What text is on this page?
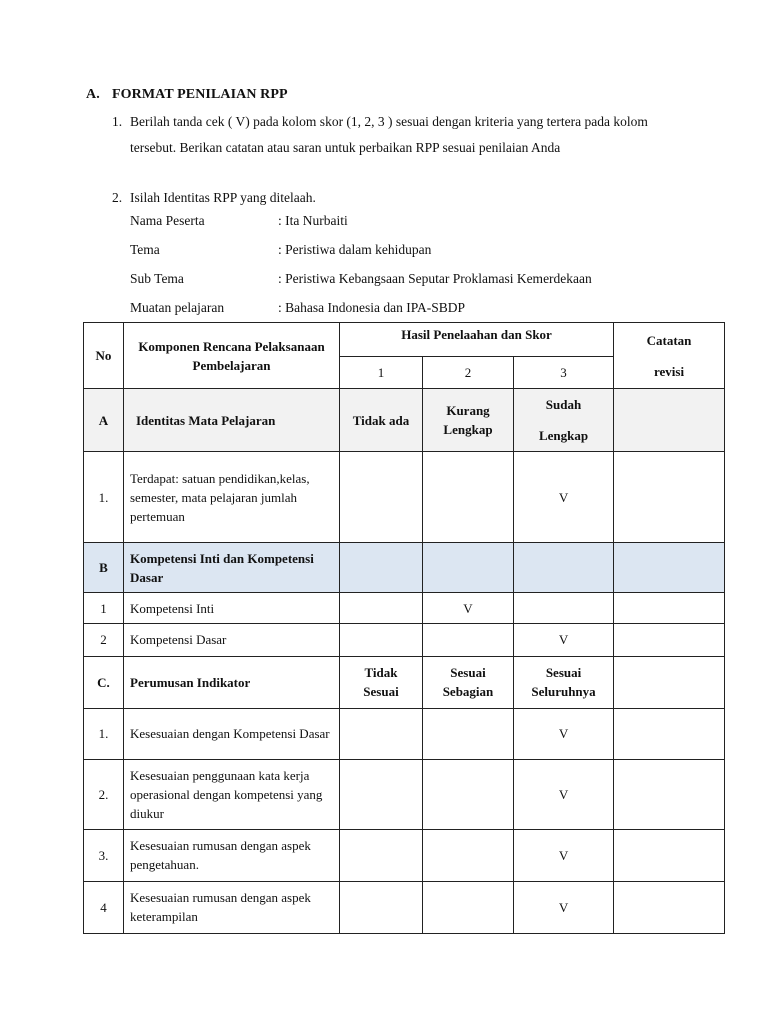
A. FORMAT PENILAIAN RPP
1. Berilah tanda cek ( V) pada kolom skor (1, 2, 3 ) sesuai dengan kriteria yang tertera pada kolom tersebut. Berikan catatan atau saran untuk perbaikan RPP sesuai penilaian Anda
2. Isilah Identitas RPP yang ditelaah.
Nama Peserta	: Ita Nurbaiti
Tema	: Peristiwa dalam kehidupan
Sub Tema	: Peristiwa Kebangsaan Seputar Proklamasi Kemerdekaan
Muatan pelajaran	: Bahasa Indonesia dan IPA-SBDP
No	Komponen Rencana Pelaksanaan Pembelajaran	Hasil Penelaahan dan Skor			Catatan
revisi

		1	2	3	
A	Identitas Mata Pelajaran	Tidak ada	Kurang Lengkap	Sudah
Lengkap	

1.	Terdapat: satuan pendidikan,kelas, semester, mata pelajaran jumlah pertemuan			V	
B	Kompetensi Inti dan Kompetensi Dasar				
1	Kompetensi Inti		V		
2	Kompetensi Dasar			V	
C.	Perumusan Indikator	Tidak Sesuai	Sesuai Sebagian	Sesuai Seluruhnya	
1.	Kesesuaian dengan Kompetensi Dasar			V	
2.	Kesesuaian penggunaan kata kerja operasional dengan kompetensi yang diukur			V	
3.	Kesesuaian rumusan dengan aspek pengetahuan.			V	
4	Kesesuaian rumusan dengan aspek keterampilan			V	
